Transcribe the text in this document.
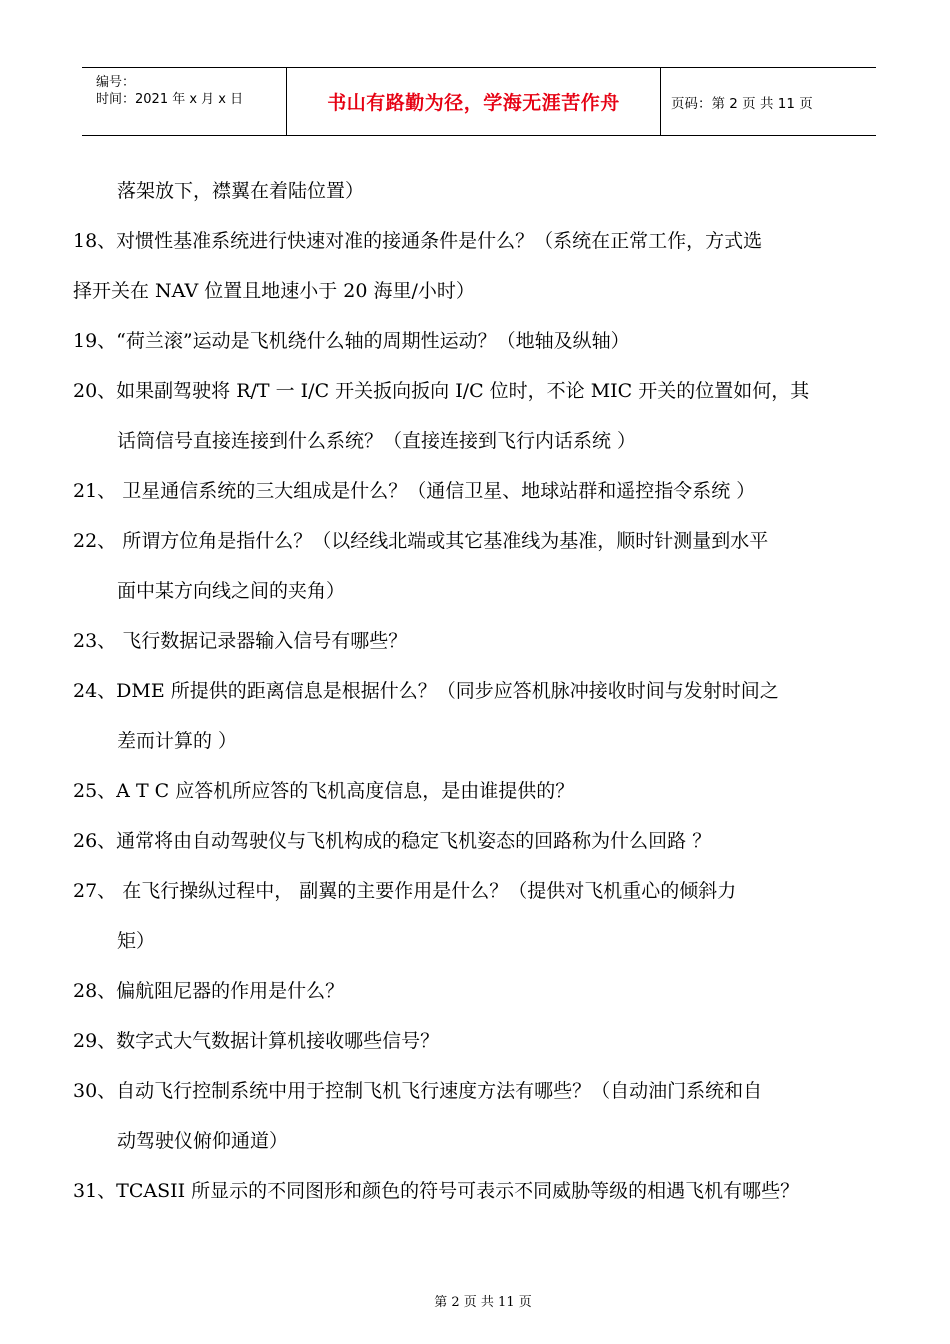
编号：
时间：2021 年 x 月 x 日	书山有路勤为径，学海无涯苦作舟	页码：第 2 页 共 11 页
落架放下，襟翼在着陆位置）
18、对惯性基准系统进行快速对准的接通条件是什么？（系统在正常工作，方式选
择开关在 NAV 位置且地速小于 20 海里/小时）
19、“荷兰滚”运动是飞机绕什么轴的周期性运动？（地轴及纵轴）
20、如果副驾驶将 R/T 一 I/C 开关扳向扳向 I/C 位时，不论 MIC 开关的位置如何，其
话筒信号直接连接到什么系统？（直接连接到飞行内话系统 ）
21、 卫星通信系统的三大组成是什么？（通信卫星、地球站群和遥控指令系统 ）
22、 所谓方位角是指什么？（以经线北端或其它基准线为基准，顺时针测量到水平
面中某方向线之间的夹角）
23、 飞行数据记录器输入信号有哪些？
24、DME 所提供的距离信息是根据什么？（同步应答机脉冲接收时间与发射时间之
差而计算的 ）
25、A T C 应答机所应答的飞机高度信息，是由谁提供的？
26、通常将由自动驾驶仪与飞机构成的稳定飞机姿态的回路称为什么回路 ？
27、 在飞行操纵过程中， 副翼的主要作用是什么？（提供对飞机重心的倾斜力
矩）
28、偏航阻尼器的作用是什么？
29、数字式大气数据计算机接收哪些信号？
30、自动飞行控制系统中用于控制飞机飞行速度方法有哪些？（自动油门系统和自
动驾驶仪俯仰通道）
31、TCASII 所显示的不同图形和颜色的符号可表示不同威胁等级的相遇飞机有哪些？
第 2 页 共 11 页
